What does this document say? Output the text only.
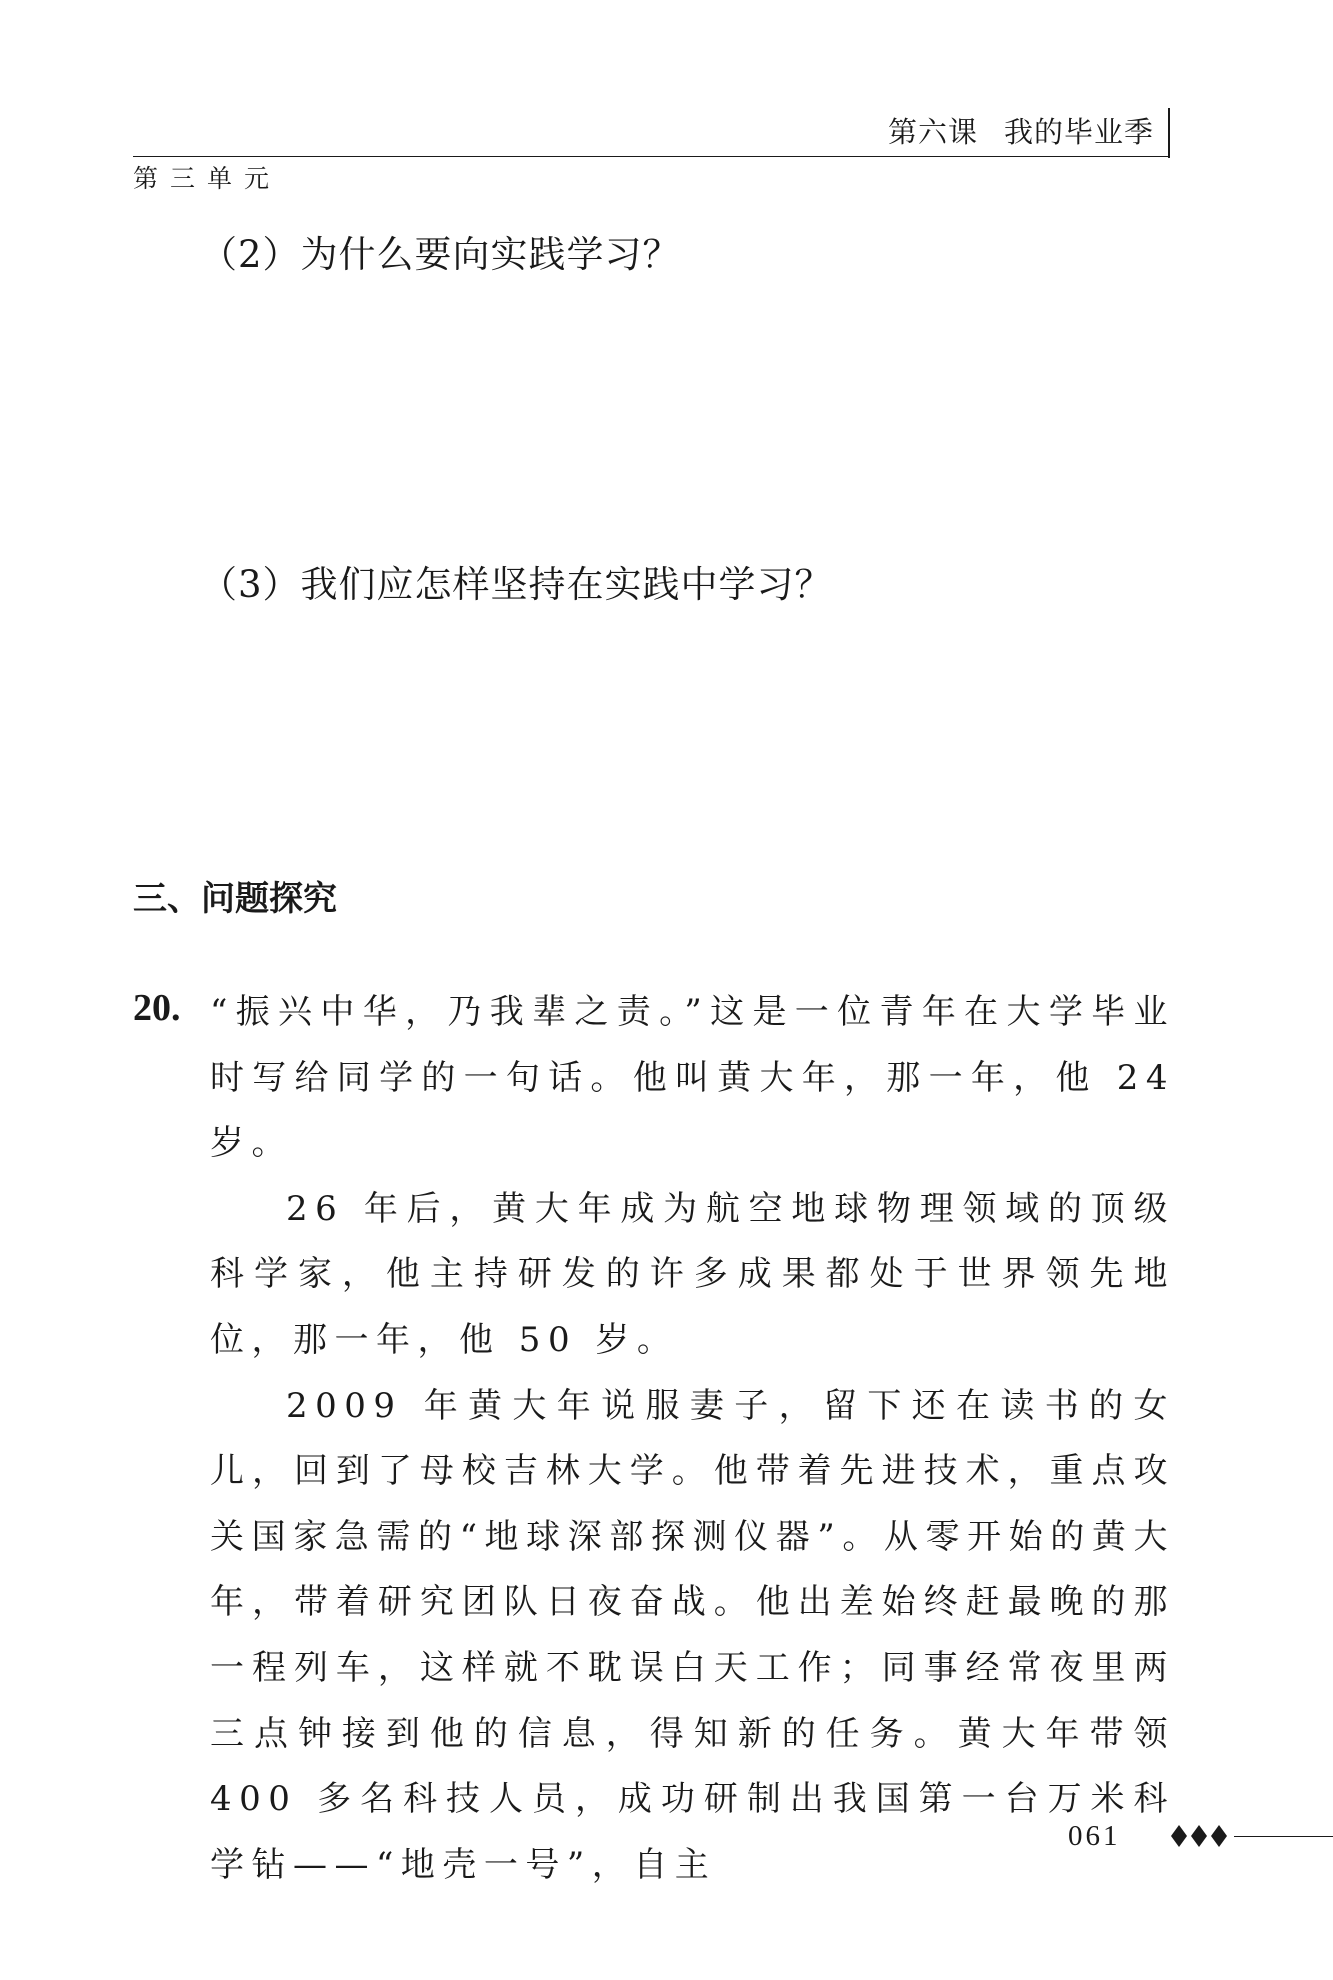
第六课 我的毕业季
第三单元
（2）为什么要向实践学习？
（3）我们应怎样坚持在实践中学习？
三、问题探究
20. “振兴中华，乃我辈之责。”这是一位青年在大学毕业时写给同学的一句话。他叫黄大年，那一年，他 24 岁。

26 年后，黄大年成为航空地球物理领域的顶级科学家，他主持研发的许多成果都处于世界领先地位，那一年，他 50 岁。

2009 年黄大年说服妻子，留下还在读书的女儿，回到了母校吉林大学。他带着先进技术，重点攻关国家急需的“地球深部探测仪器”。从零开始的黄大年，带着研究团队日夜奋战。他出差始终赶最晚的那一程列车，这样就不耽误白天工作；同事经常夜里两三点钟接到他的信息，得知新的任务。黄大年带领 400 多名科技人员，成功研制出我国第一台万米科学钻——“地壳一号”，自主

061
